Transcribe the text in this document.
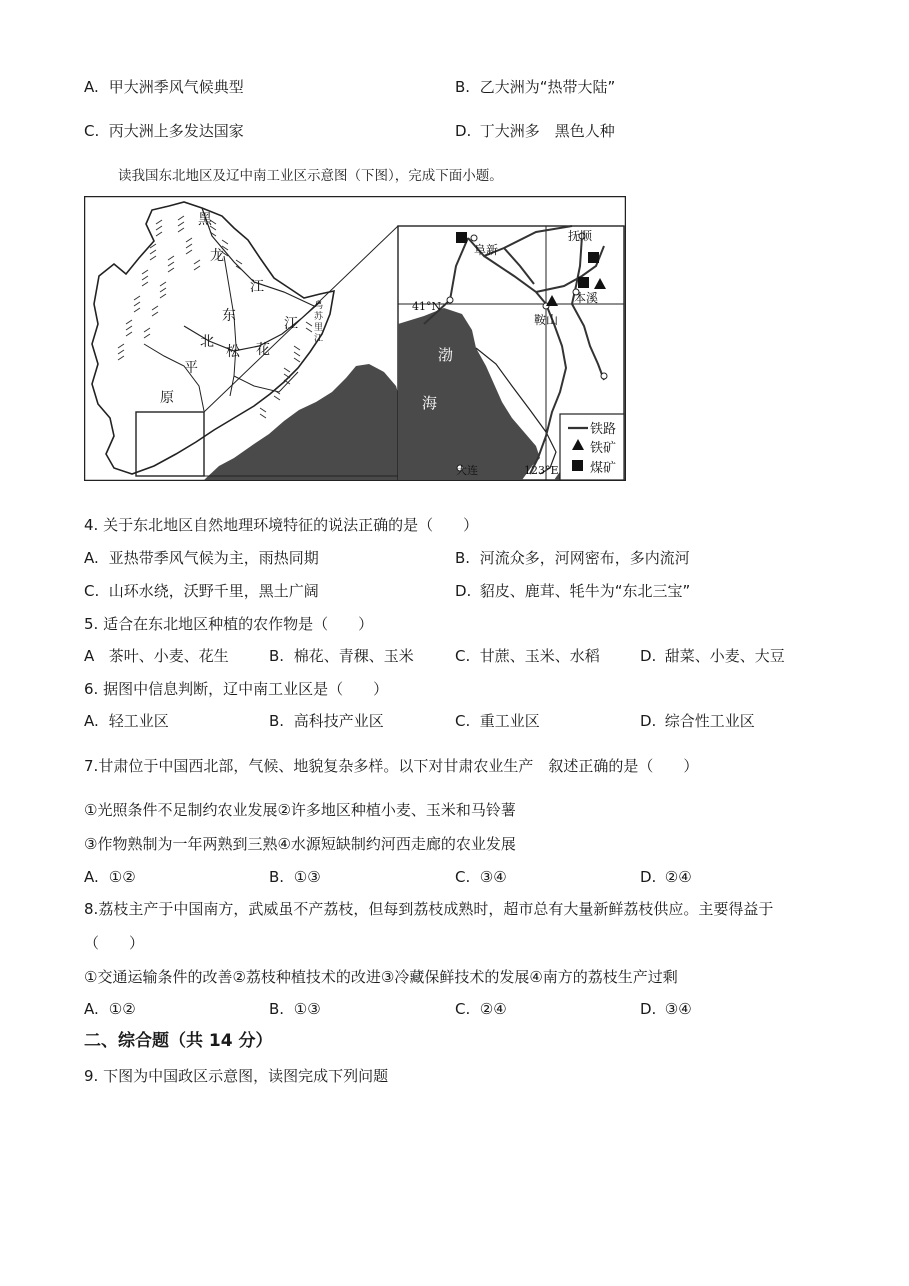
A. 甲大洲季风气候典型	B. 乙大洲为“热带大陆”
C. 丙大洲上多发达国家	D. 丁大洲多　黑色人种
读我国东北地区及辽中南工业区示意图（下图），完成下面小题。
黑
龙
江
东
北
松 花
江
平
原
乌
苏
里
江
铁路
铁矿
煤矿
阜新
抚顺
本溪
鞍山
大连
41°N
123°E
渤
海
4. 关于东北地区自然地理环境特征的说法正确的是（　　）
A. 亚热带季风气候为主，雨热同期	B. 河流众多，河网密布，多内流河
C. 山环水绕，沃野千里，黑土广阔	D. 貂皮、鹿茸、牦牛为“东北三宝”
5. 适合在东北地区种植的农作物是（　　）
A 茶叶、小麦、花生	B. 棉花、青稞、玉米	C. 甘蔗、玉米、水稻	D. 甜菜、小麦、大豆
6. 据图中信息判断，辽中南工业区是（　　）
A. 轻工业区	B. 高科技产业区	C. 重工业区	D. 综合性工业区
7.甘肃位于中国西北部，气候、地貌复杂多样。以下对甘肃农业生产　叙述正确的是（　　）
①光照条件不足制约农业发展②许多地区种植小麦、玉米和马铃薯
③作物熟制为一年两熟到三熟④水源短缺制约河西走廊的农业发展
A. ①②	B. ①③	C. ③④	D. ②④
8.荔枝主产于中国南方，武威虽不产荔枝，但每到荔枝成熟时，超市总有大量新鲜荔枝供应。主要得益于
（　　）
①交通运输条件的改善②荔枝种植技术的改进③冷藏保鲜技术的发展④南方的荔枝生产过剩
A. ①②	B. ①③	C. ②④	D. ③④
二、综合题（共 14 分）
9. 下图为中国政区示意图，读图完成下列问题
